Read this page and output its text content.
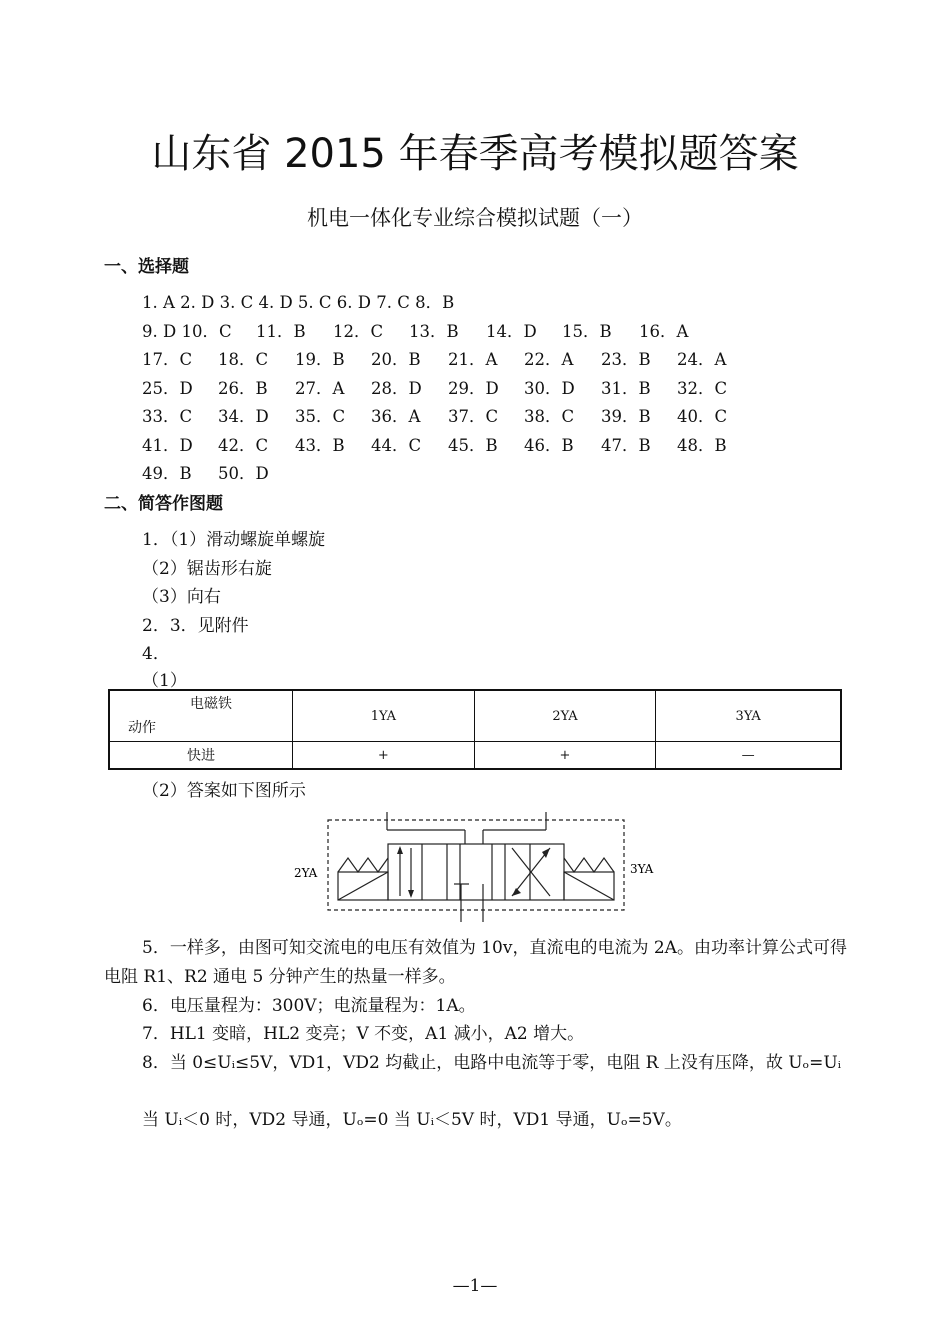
山东省 2015 年春季高考模拟题答案
机电一体化专业综合模拟试题（一）
一、选择题
1. A 2. D 3. C 4. D 5. C 6. D 7. C 8．B
9. D 10．C 11．B 12．C 13．B 14．D 15．B 16．A
17．C 18．C 19．B 20．B 21．A 22．A 23．B 24．A
25．D 26．B 27．A 28．D 29．D 30．D 31．B 32．C
33．C 34．D 35．C 36．A 37．C 38．C 39．B 40．C
41．D 42．C 43．B 44．C 45．B 46．B 47．B 48．B
49．B 50．D
二、简答作图题
1．（1）滑动螺旋单螺旋
（2）锯齿形右旋
（3）向右
2．3．见附件
4．
（1）
电磁铁
动作	1YA	2YA	3YA
快进	+	+	—
（2）答案如下图所示
2YA	3YA
5．一样多，由图可知交流电的电压有效值为 10v，直流电的电流为 2A。由功率计算公式可得电阻 R1、R2 通电 5 分钟产生的热量一样多。
6．电压量程为：300V；电流量程为：1A。
7．HL1 变暗，HL2 变亮；V 不变，A1 减小，A2 增大。
8．当 0≤Uᵢ≤5V，VD1，VD2 均截止，电路中电流等于零，电阻 R 上没有压降，故 Uₒ=Uᵢ
当 Uᵢ＜0 时，VD2 导通，Uₒ=0 当 Uᵢ＜5V 时，VD1 导通，Uₒ=5V。
—1—
